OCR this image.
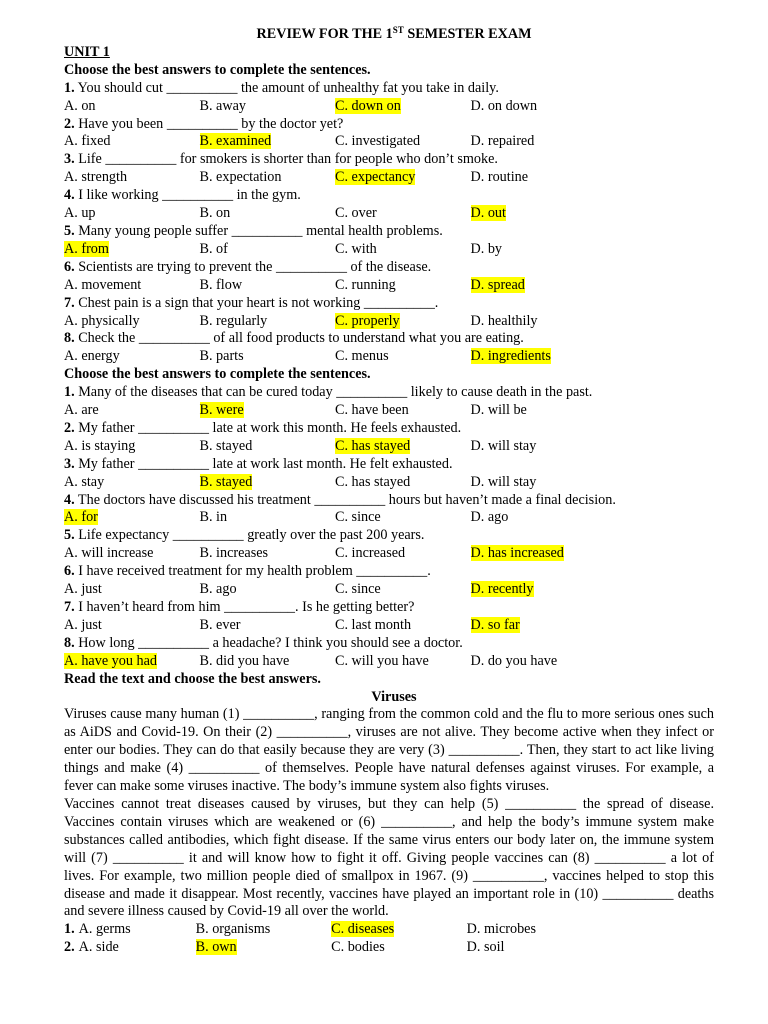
REVIEW FOR THE 1ST SEMESTER EXAM

UNIT 1

Choose the best answers to complete the sentences.

1. You should cut __________ the amount of unhealthy fat you take in daily.

A. on	B. away	C. down on	D. on down

2. Have you been __________ by the doctor yet?

A. fixed	B. examined	C. investigated	D. repaired

3. Life __________ for smokers is shorter than for people who don’t smoke.

A. strength	B. expectation	C. expectancy	D. routine

4. I like working __________ in the gym.

A. up	B. on	C. over	D. out

5. Many young people suffer __________ mental health problems.

A. from	B. of	C. with	D. by

6. Scientists are trying to prevent the __________ of the disease.

A. movement	B. flow	C. running	D. spread

7. Chest pain is a sign that your heart is not working __________.

A. physically	B. regularly	C. properly	D. healthily

8. Check the __________ of all food products to understand what you are eating.

A. energy	B. parts	C. menus	D. ingredients

Choose the best answers to complete the sentences.

1. Many of the diseases that can be cured today __________ likely to cause death in the past.

A. are	B. were	C. have been	D. will be

2. My father __________ late at work this month. He feels exhausted.

A. is staying	B. stayed	C. has stayed	D. will stay

3. My father __________ late at work last month. He felt exhausted.

A. stay	B. stayed	C. has stayed	D. will stay

4. The doctors have discussed his treatment __________ hours but haven’t made a final decision.

A. for	B. in	C. since	D. ago

5. Life expectancy __________ greatly over the past 200 years.

A. will increase	B. increases	C. increased	D. has increased

6. I have received treatment for my health problem __________.

A. just	B. ago	C. since	D. recently

7. I haven’t heard from him __________. Is he getting better?

A. just	B. ever	C. last month	D. so far

8. How long __________ a headache? I think you should see a doctor.

A. have you had	B. did you have	C. will you have	D. do you have

Read the text and choose the best answers.

Viruses

Viruses cause many human (1) __________, ranging from the common cold and the flu to more serious ones such as AiDS and Covid-19. On their (2) __________, viruses are not alive. They become active when they infect or enter our bodies. They can do that easily because they are very (3) __________. Then, they start to act like living things and make (4) __________ of themselves. People have natural defenses against viruses. For example, a fever can make some viruses inactive. The body’s immune system also fights viruses.

Vaccines cannot treat diseases caused by viruses, but they can help (5) __________ the spread of disease. Vaccines contain viruses which are weakened or (6) __________, and help the body’s immune system make substances called antibodies, which fight disease. If the same virus enters our body later on, the immune system will (7) __________ it and will know how to fight it off. Giving people vaccines can (8) __________ a lot of lives. For example, two million people died of smallpox in 1967. (9) __________, vaccines helped to stop this disease and made it disappear. Most recently, vaccines have played an important role in (10) __________ deaths and severe illness caused by Covid-19 all over the world.

1. A. germs	B. organisms	C. diseases	D. microbes
2. A. side	B. own	C. bodies	D. soil
